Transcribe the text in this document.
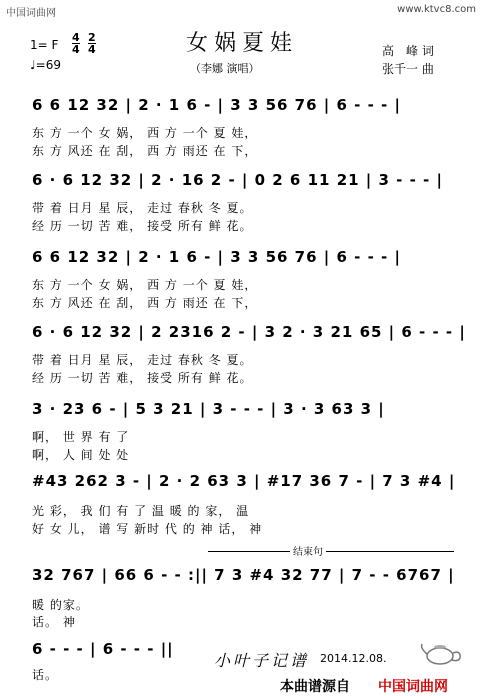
中国词曲网	www.ktvc8.com
女娲夏娃
（李娜 演唱）
高　峰 词
张千一 曲
1= F
4
4
2
4
♩=69
6 6 12 32 | 2 · 1 6 - | 3 3 56 76 | 6 - - - |
东 方 一个 女 娲， 西 方 一个 夏 娃，
东 方 风还 在 刮， 西 方 雨还 在 下，
6 · 6 12 32 | 2 · 16 2 - | 0 2 6 11 21 | 3 - - - |
带 着 日月 星 辰， 走过 春秋 冬 夏。
经 历 一切 苦 难， 接受 所有 鲜 花。
6 6 12 32 | 2 · 1 6 - | 3 3 56 76 | 6 - - - |
东 方 一个 女 娲， 西 方 一个 夏 娃，
东 方 风还 在 刮， 西 方 雨还 在 下，
6 · 6 12 32 | 2 2316 2 - | 3 2 · 3 21 65 | 6 - - - |
带 着 日月 星 辰， 走过 春秋 冬 夏。
经 历 一切 苦 难， 接受 所有 鲜 花。
3 · 23 6 - | 5 3 21 | 3 - - - | 3 · 3 63 3 |
啊， 世 界 有 了
啊， 人 间 处 处
#43 262 3 - | 2 · 2 63 3 | #17 36 7 - | 7 3 #4 |
光 彩， 我 们 有 了 温 暖 的 家， 温
好 女 儿， 谱 写 新时 代 的 神 话， 神
结束句
32 767 | 66 6 - - :|| 7 3 #4 32 77 | 7 - - 6767 |
暖 的家。
话。 神
6 - - - | 6 - - - ||
话。
小叶子记谱 2014.12.08.
本曲谱源自 中国词曲网
